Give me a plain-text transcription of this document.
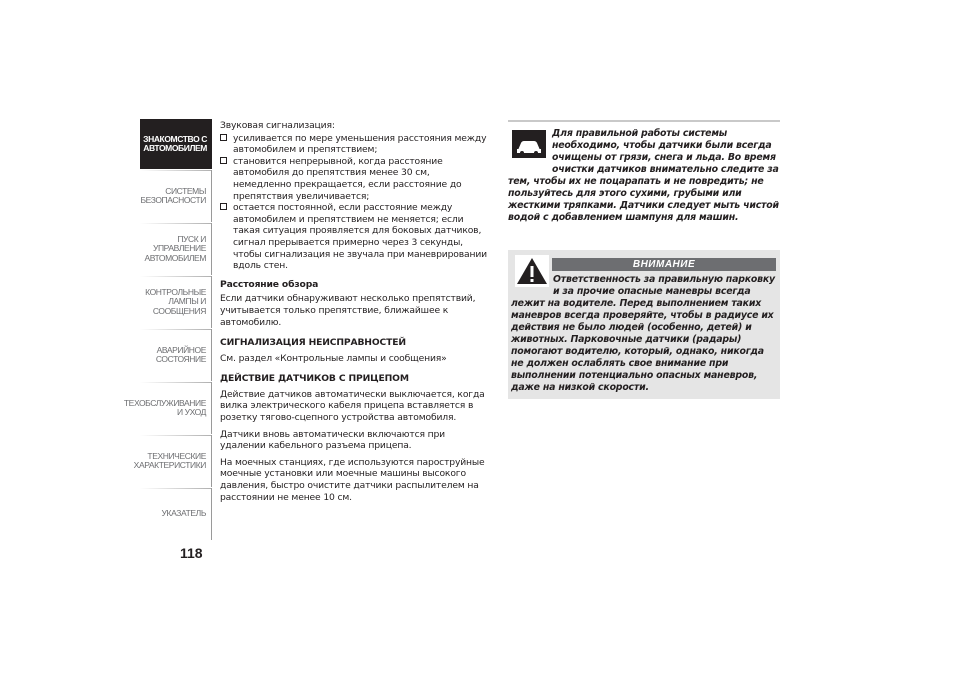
ЗНАКОМСТВО С
АВТОМОБИЛЕМ
СИСТЕМЫ
БЕЗОПАСНОСТИ
ПУСК И УПРАВЛЕНИЕ
АВТОМОБИЛЕМ
КОНТРОЛЬНЫЕ
ЛАМПЫ И
СООБЩЕНИЯ
АВАРИЙНОЕ
СОСТОЯНИЕ
ТЕХОБСЛУЖИВАНИЕ
И УХОД
ТЕХНИЧЕСКИЕ
ХАРАКТЕРИСТИКИ
УКАЗАТЕЛЬ
118

Звуковая сигнализация:

усиливается по мере уменьшения расстояния между автомобилем и препятствием;
становится непрерывной, когда расстояние автомобиля до препятствия менее 30 см, немедленно прекращается, если расстояние до препятствия увеличивается;
остается постоянной, если расстояние между автомобилем и препятствием не меняется; если такая ситуация проявляется для боковых датчиков, сигнал прерывается примерно через 3 секунды, чтобы сигнализация не звучала при маневрировании вдоль стен.
Расстояние обзора

Если датчики обнаруживают несколько препятствий, учитывается только препятствие, ближайшее к автомобилю.

СИГНАЛИЗАЦИЯ НЕИСПРАВНОСТЕЙ

См. раздел «Контрольные лампы и сообщения»

ДЕЙСТВИЕ ДАТЧИКОВ С ПРИЦЕПОМ

Действие датчиков автоматически выключается, когда вилка электрического кабеля прицепа вставляется в розетку тягово-сцепного устройства автомобиля.

Датчики вновь автоматически включаются при удалении кабельного разъема прицепа.

На моечных станциях, где используются пароструйные моечные установки или моечные машины высокого давления, быстро очистите датчики распылителем на расстоянии не менее 10 см.

Для правильной работы системы необходимо, чтобы датчики были всегда очищены от грязи, снега и льда. Во время очистки датчиков внимательно следите за тем, чтобы их не поцарапать и не повредить; не пользуйтесь для этого сухими, грубыми или жесткими тряпками. Датчики следует мыть чистой водой с добавлением шампуня для машин.
ВНИМАНИЕ
Ответственность за правильную парковку и за прочие опасные маневры всегда лежит на водителе. Перед выполнением таких маневров всегда проверяйте, чтобы в радиусе их действия не было людей (особенно, детей) и животных. Парковочные датчики (радары) помогают водителю, который, однако, никогда не должен ослаблять свое внимание при выполнении потенциально опасных маневров, даже на низкой скорости.
